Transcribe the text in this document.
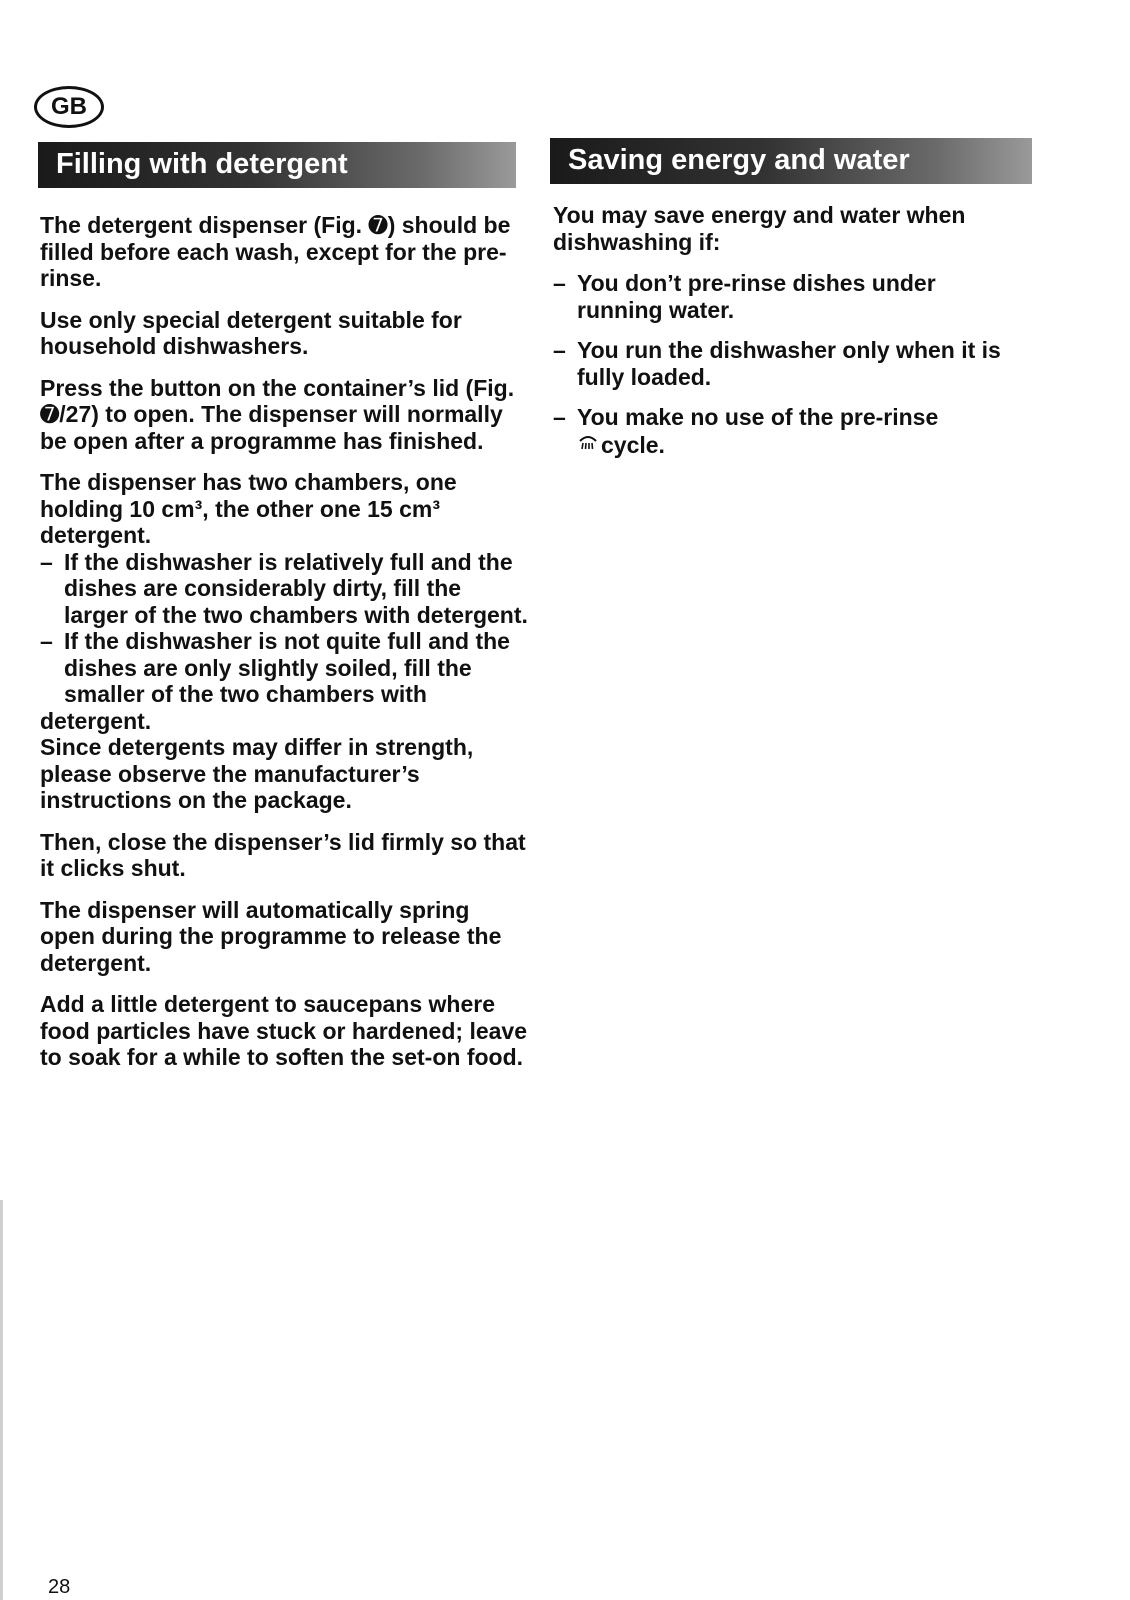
GB
Filling with detergent	Saving energy and water

The detergent dispenser (Fig. ➐) should be filled before each wash, except for the pre-rinse.

Use only special detergent suitable for household dishwashers.

Press the button on the container’s lid (Fig. ➐/27) to open. The dispenser will normally be open after a programme has finished.

The dispenser has two chambers, one holding 10 cm³, the other one 15 cm³ detergent.

– If the dishwasher is relatively full and the dishes are considerably dirty, fill the larger of the two chambers with detergent.
– If the dishwasher is not quite full and the dishes are only slightly soiled, fill the smaller of the two chambers with

detergent.

Since detergents may differ in strength, please observe the manufacturer’s instructions on the package.

Then, close the dispenser’s lid firmly so that it clicks shut.

The dispenser will automatically spring open during the programme to release the detergent.

Add a little detergent to saucepans where food particles have stuck or hardened; leave to soak for a while to soften the set-on food.

You may save energy and water when dishwashing if:

– You don’t pre-rinse dishes under running water.
– You run the dishwasher only when it is fully loaded.
– You make no use of the pre-rinse
cycle.
28
